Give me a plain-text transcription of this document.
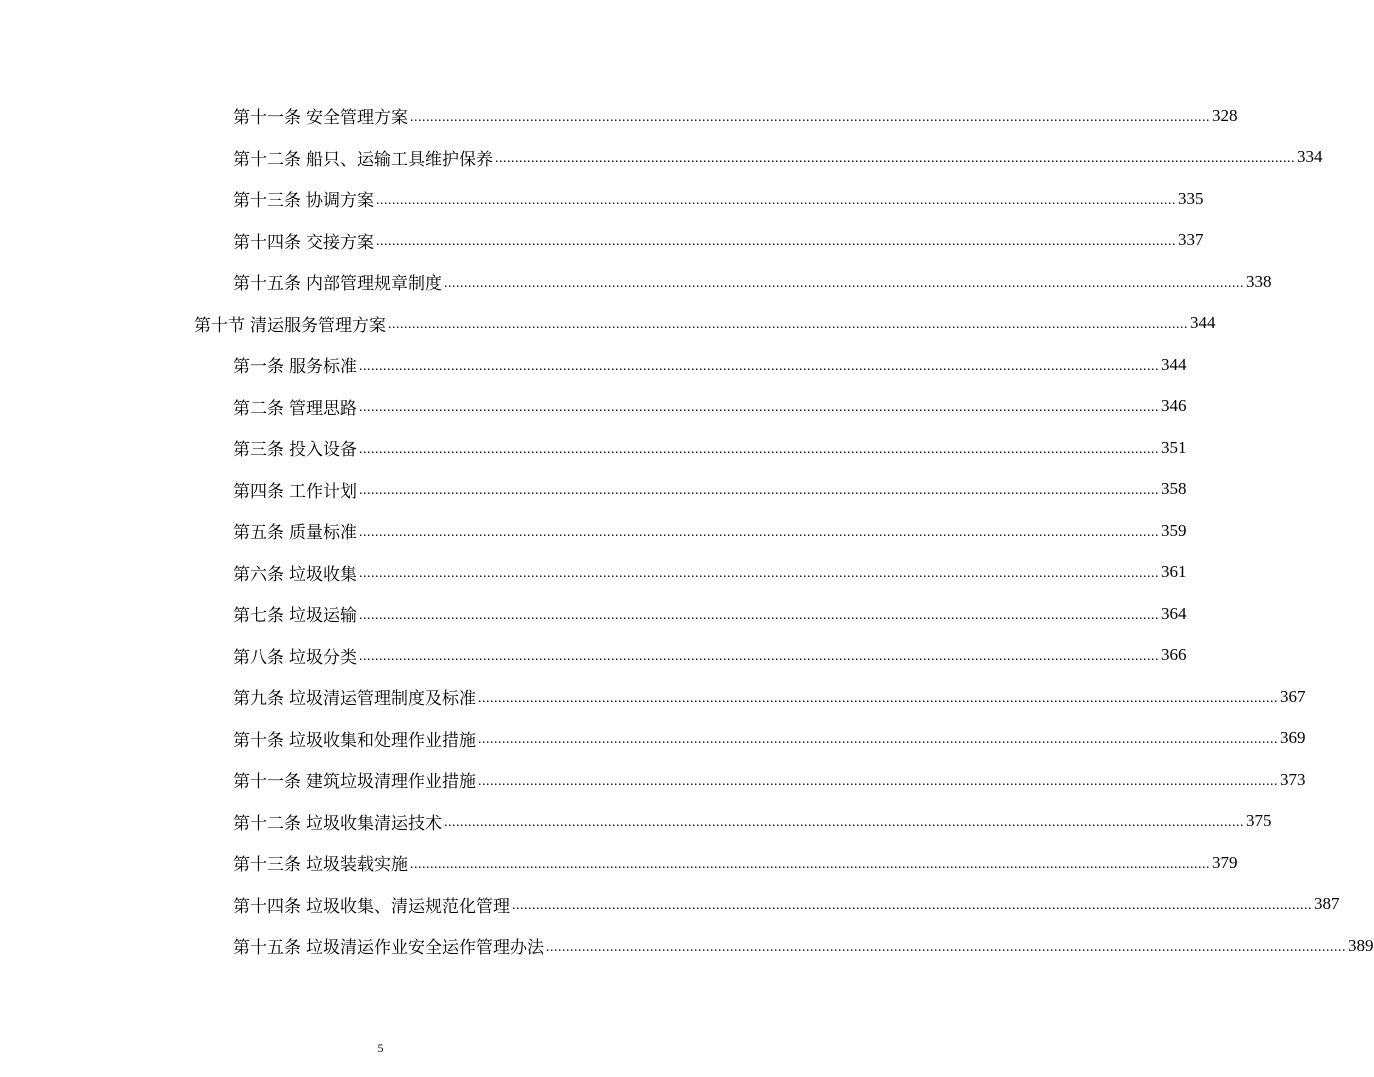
第十一条 安全管理方案 ........................................................................................................................................................................................................ 328
第十二条 船只、运输工具维护保养 ........................................................................................................................................................................................................ 334
第十三条 协调方案 ........................................................................................................................................................................................................ 335
第十四条 交接方案 ........................................................................................................................................................................................................ 337
第十五条 内部管理规章制度 ........................................................................................................................................................................................................ 338
第十节 清运服务管理方案 ........................................................................................................................................................................................................ 344
第一条 服务标准 ........................................................................................................................................................................................................ 344
第二条 管理思路 ........................................................................................................................................................................................................ 346
第三条 投入设备 ........................................................................................................................................................................................................ 351
第四条 工作计划 ........................................................................................................................................................................................................ 358
第五条 质量标准 ........................................................................................................................................................................................................ 359
第六条 垃圾收集 ........................................................................................................................................................................................................ 361
第七条 垃圾运输 ........................................................................................................................................................................................................ 364
第八条 垃圾分类 ........................................................................................................................................................................................................ 366
第九条 垃圾清运管理制度及标准 ........................................................................................................................................................................................................ 367
第十条 垃圾收集和处理作业措施 ........................................................................................................................................................................................................ 369
第十一条 建筑垃圾清理作业措施 ........................................................................................................................................................................................................ 373
第十二条 垃圾收集清运技术 ........................................................................................................................................................................................................ 375
第十三条 垃圾装载实施 ........................................................................................................................................................................................................ 379
第十四条 垃圾收集、清运规范化管理 ........................................................................................................................................................................................................ 387
第十五条 垃圾清运作业安全运作管理办法 ........................................................................................................................................................................................................ 389
5
